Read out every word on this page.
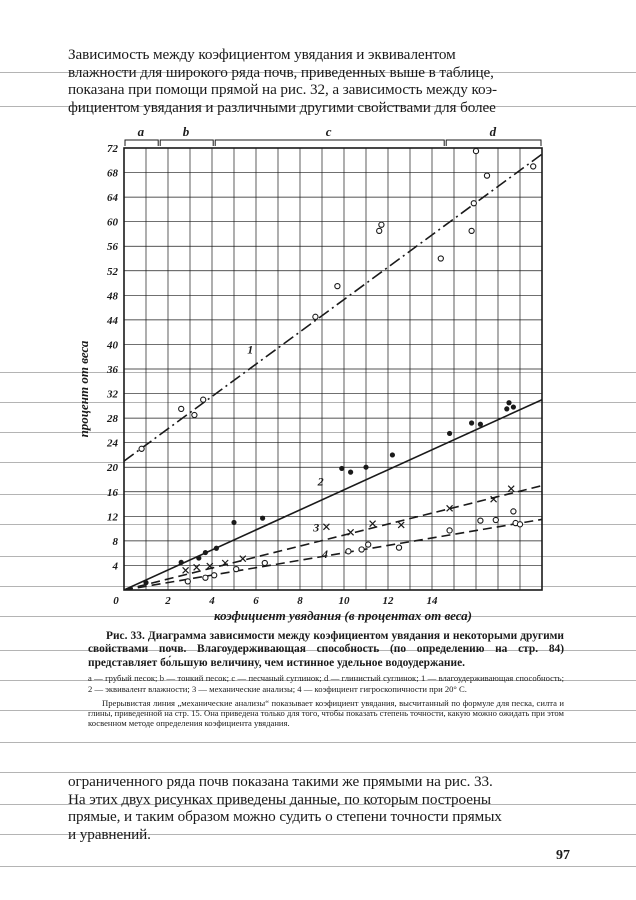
Зависимость между коэфициентом увядания и эквивалентом
влажности для широкого ряда почв, приведенных выше в таблице,
показана при помощи прямой на рис. 32, а зависимость между коэ-
фициентом увядания и различными другими свойствами для более
a	b	c	d
4
8
12
16
20
24
28
32
36
40
44
48
52
56
60
64
68
72
0	2	4	6	8	10	12	14
коэфициент увядания (в процентах от веса)
процент от веса	1
2
3
4
Рис. 33. Диаграмма зависимости между коэфициентом увядания и некоторыми другими свойствами почв. Влагоудерживающая способность (по определению на стр. 84) представляет бо́льшую величину, чем истинное удельное водоудержание.
a — грубый песок; b — тонкий песок; c — песчаный суглинок; d — глинистый суглинок; 1 — влагоудерживающая способность; 2 — эквивалент влажности; 3 — механические анализы; 4 — коэфициент гигроскопичности при 20° С.
Прерывистая линия „механические анализы“ показывает коэфициент увядания, высчитанный по формуле для песка, силта и глины, приведенной на стр. 15. Она приведена только для того, чтобы показать степень точности, какую можно ожидать при этом косвенном методе определения коэфициента увядания.
ограниченного ряда почв показана такими же прямыми на рис. 33.
На этих двух рисунках приведены данные, по которым построены
прямые, и таким образом можно судить о степени точности прямых
и уравнений.
97
